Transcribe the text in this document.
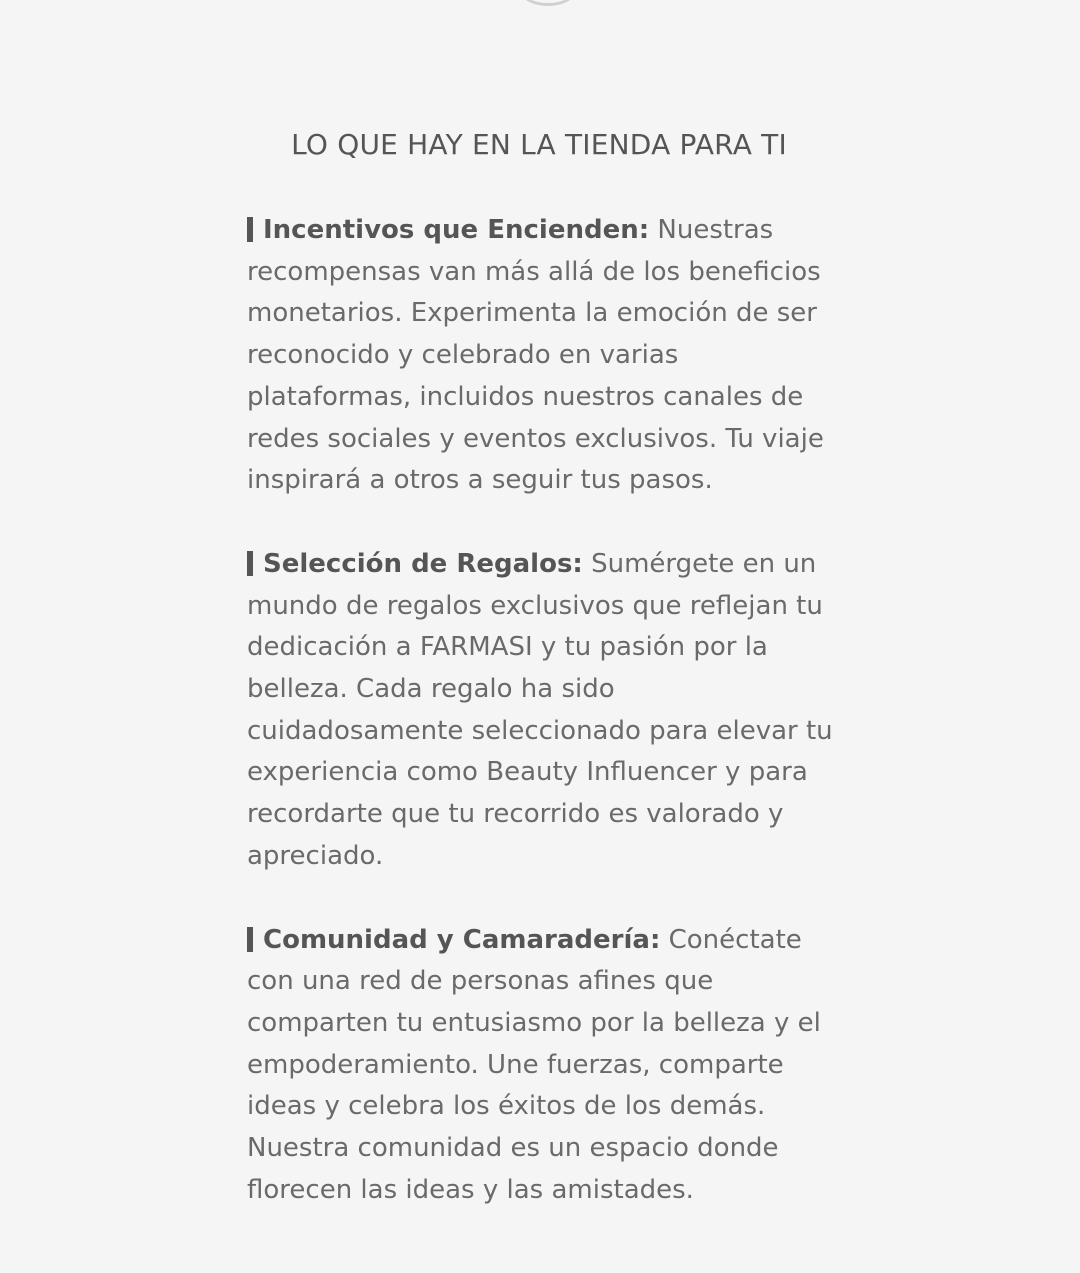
LO QUE HAY EN LA TIENDA PARA TI

Incentivos que Encienden: Nuestras recompensas van más allá de los beneficios monetarios. Experimenta la emoción de ser reconocido y celebrado en varias plataformas, incluidos nuestros canales de redes sociales y eventos exclusivos. Tu viaje inspirará a otros a seguir tus pasos.

Selección de Regalos: Sumérgete en un mundo de regalos exclusivos que reflejan tu dedicación a FARMASI y tu pasión por la belleza. Cada regalo ha sido cuidadosamente seleccionado para elevar tu experiencia como Beauty Influencer y para recordarte que tu recorrido es valorado y apreciado.

Comunidad y Camaradería: Conéctate con una red de personas afines que comparten tu entusiasmo por la belleza y el empoderamiento. Une fuerzas, comparte ideas y celebra los éxitos de los demás. Nuestra comunidad es un espacio donde florecen las ideas y las amistades.
